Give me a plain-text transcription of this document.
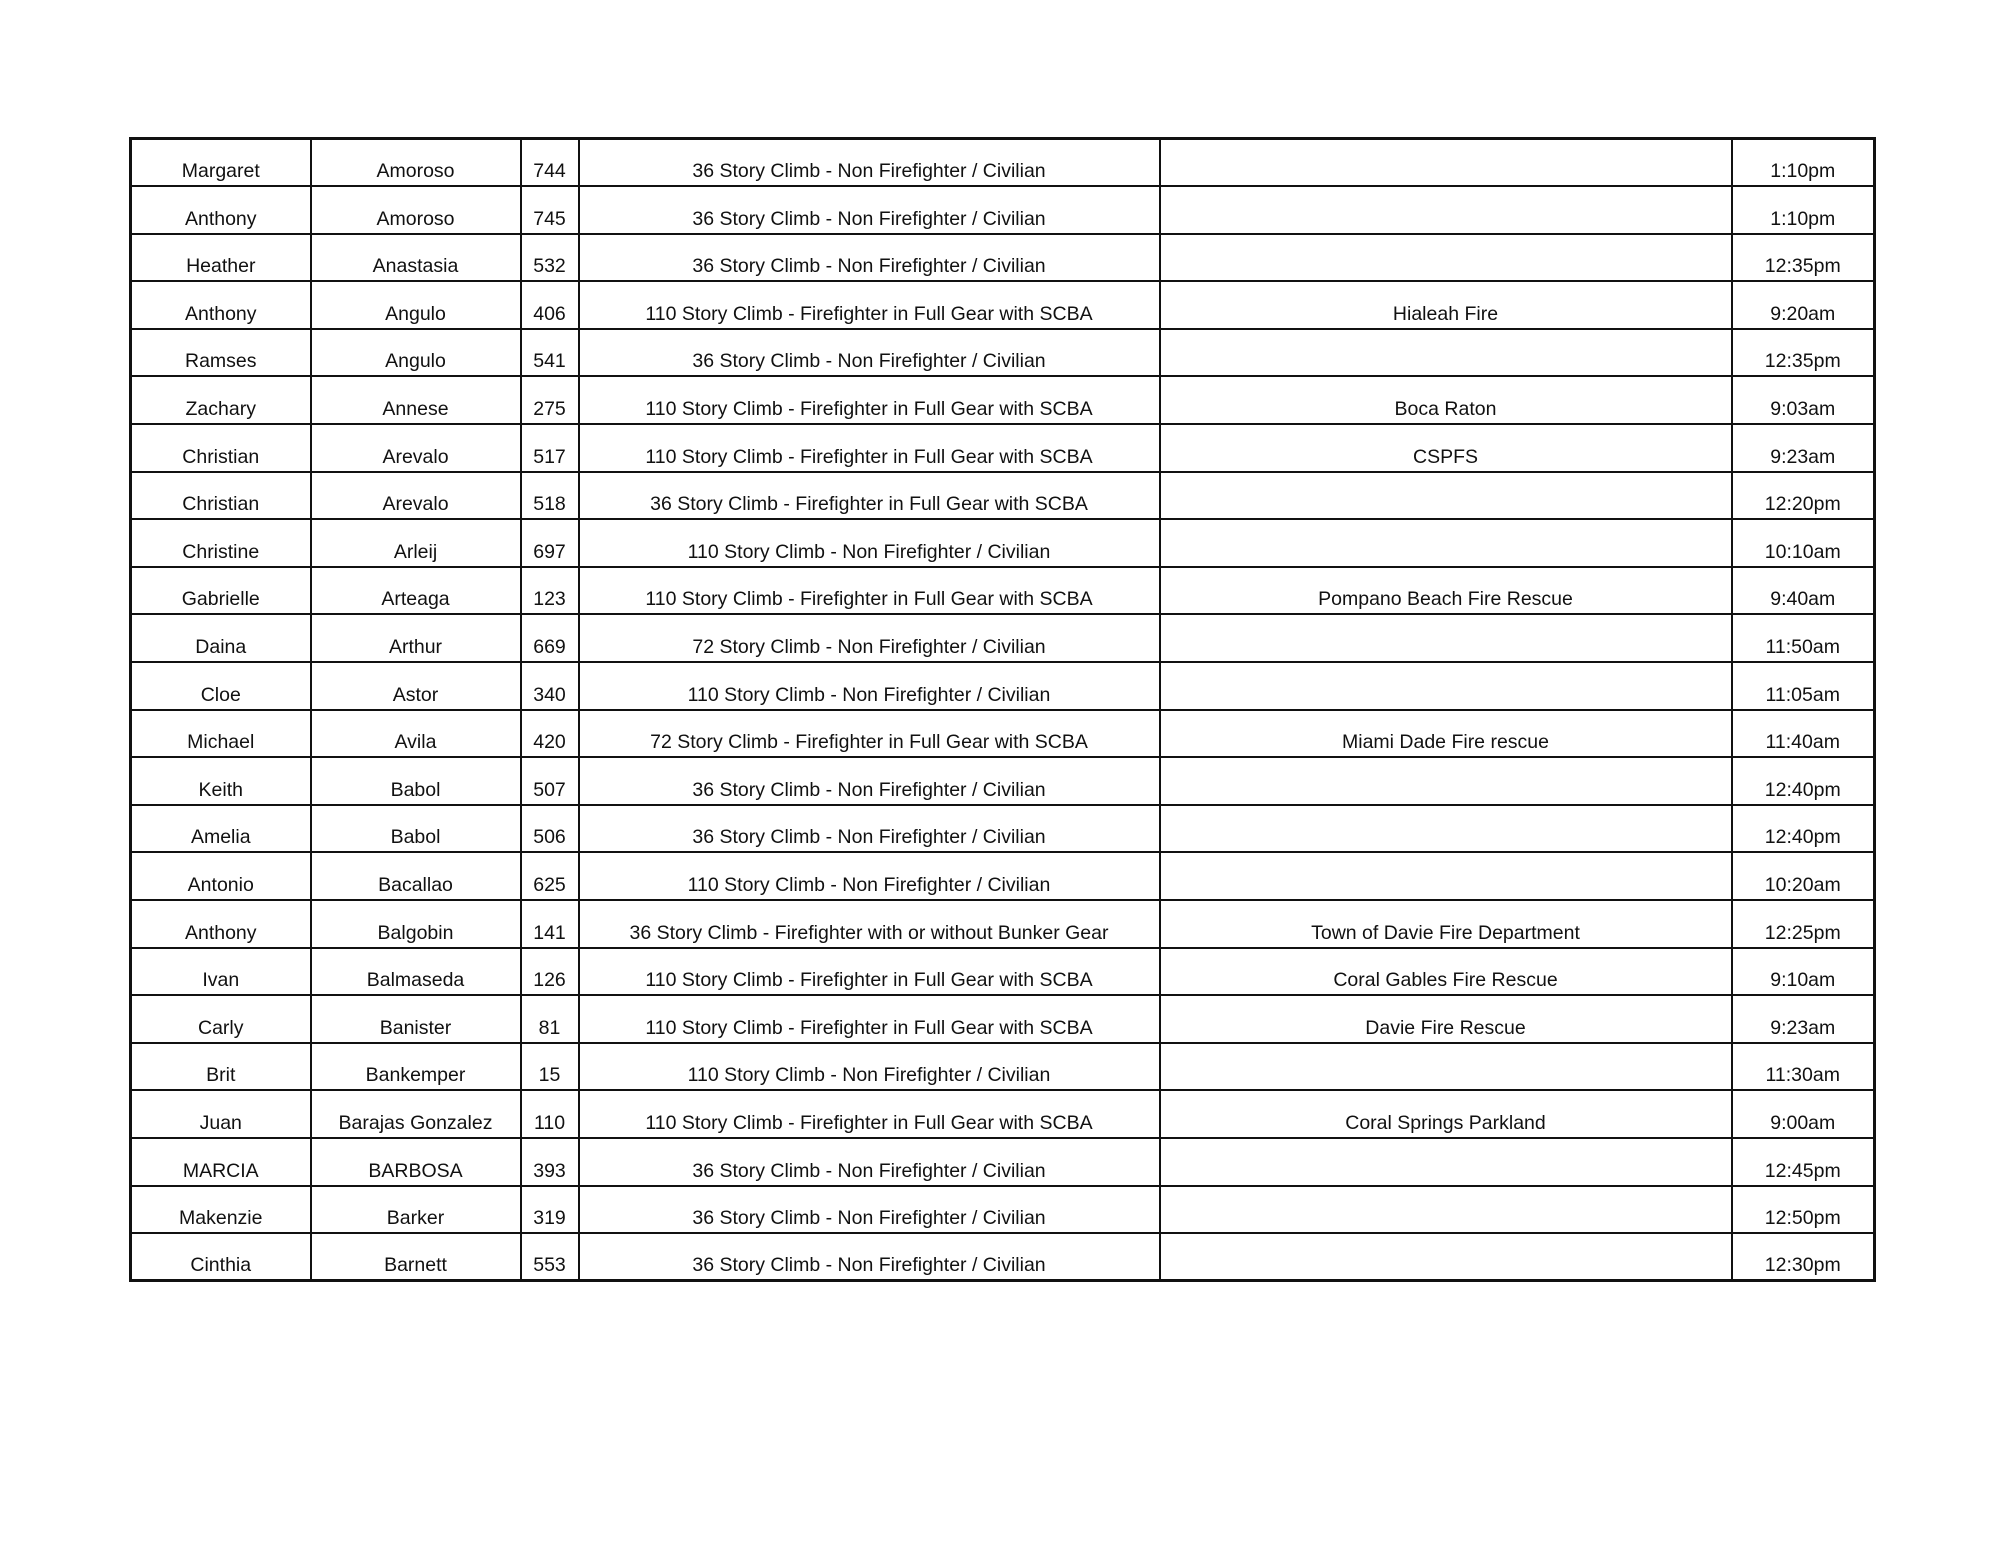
Margaret	Amoroso	744	36 Story Climb - Non Firefighter / Civilian		1:10pm
Anthony	Amoroso	745	36 Story Climb - Non Firefighter / Civilian		1:10pm
Heather	Anastasia	532	36 Story Climb - Non Firefighter / Civilian		12:35pm
Anthony	Angulo	406	110 Story Climb - Firefighter in Full Gear with SCBA	Hialeah Fire	9:20am
Ramses	Angulo	541	36 Story Climb - Non Firefighter / Civilian		12:35pm
Zachary	Annese	275	110 Story Climb - Firefighter in Full Gear with SCBA	Boca Raton	9:03am
Christian	Arevalo	517	110 Story Climb - Firefighter in Full Gear with SCBA	CSPFS	9:23am
Christian	Arevalo	518	36 Story Climb - Firefighter in Full Gear with SCBA		12:20pm
Christine	Arleij	697	110 Story Climb - Non Firefighter / Civilian		10:10am
Gabrielle	Arteaga	123	110 Story Climb - Firefighter in Full Gear with SCBA	Pompano Beach Fire Rescue	9:40am
Daina	Arthur	669	72 Story Climb - Non Firefighter / Civilian		11:50am
Cloe	Astor	340	110 Story Climb - Non Firefighter / Civilian		11:05am
Michael	Avila	420	72 Story Climb - Firefighter in Full Gear with SCBA	Miami Dade Fire rescue	11:40am
Keith	Babol	507	36 Story Climb - Non Firefighter / Civilian		12:40pm
Amelia	Babol	506	36 Story Climb - Non Firefighter / Civilian		12:40pm
Antonio	Bacallao	625	110 Story Climb - Non Firefighter / Civilian		10:20am
Anthony	Balgobin	141	36 Story Climb - Firefighter with or without Bunker Gear	Town of Davie Fire Department	12:25pm
Ivan	Balmaseda	126	110 Story Climb - Firefighter in Full Gear with SCBA	Coral Gables Fire Rescue	9:10am
Carly	Banister	81	110 Story Climb - Firefighter in Full Gear with SCBA	Davie Fire Rescue	9:23am
Brit	Bankemper	15	110 Story Climb - Non Firefighter / Civilian		11:30am
Juan	Barajas Gonzalez	110	110 Story Climb - Firefighter in Full Gear with SCBA	Coral Springs Parkland	9:00am
MARCIA	BARBOSA	393	36 Story Climb - Non Firefighter / Civilian		12:45pm
Makenzie	Barker	319	36 Story Climb - Non Firefighter / Civilian		12:50pm
Cinthia	Barnett	553	36 Story Climb - Non Firefighter / Civilian		12:30pm
